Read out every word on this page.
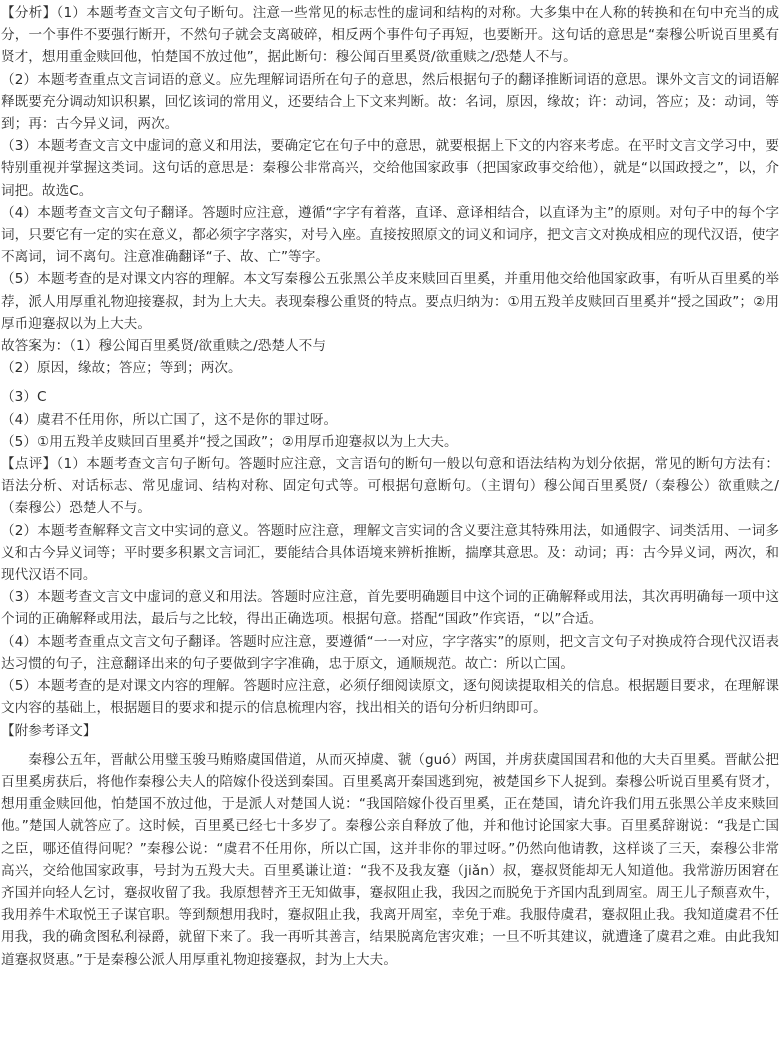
【分析】（1）本题考查文言文句子断句。注意一些常见的标志性的虚词和结构的对称。大多集中在人称的转换和在句中充当的成分，一个事件不要强行断开，不然句子就会支离破碎，相反两个事件句子再短，也要断开。这句话的意思是“秦穆公听说百里奚有贤才，想用重金赎回他，怕楚国不放过他”，据此断句：穆公闻百里奚贤/欲重赎之/恐楚人不与。

（2）本题考查重点文言词语的意义。应先理解词语所在句子的意思，然后根据句子的翻译推断词语的意思。课外文言文的词语解释既要充分调动知识积累，回忆该词的常用义，还要结合上下文来判断。故：名词，原因，缘故；许：动词，答应；及：动词，等到；再：古今异义词，两次。

（3）本题考查文言文中虚词的意义和用法，要确定它在句子中的意思，就要根据上下文的内容来考虑。在平时文言文学习中，要特别重视并掌握这类词。这句话的意思是：秦穆公非常高兴，交给他国家政事（把国家政事交给他），就是“以国政授之”，以，介词把。故选C。

（4）本题考查文言文句子翻译。答题时应注意，遵循“字字有着落，直译、意译相结合，以直译为主”的原则。对句子中的每个字词，只要它有一定的实在意义，都必须字字落实，对号入座。直接按照原文的词义和词序，把文言文对换成相应的现代汉语，使字不离词，词不离句。注意准确翻译“子、故、亡”等字。

（5）本题考查的是对课文内容的理解。本文写秦穆公五张黑公羊皮来赎回百里奚，并重用他交给他国家政事，有听从百里奚的举荐，派人用厚重礼物迎接蹇叔，封为上大夫。表现秦穆公重贤的特点。要点归纳为：①用五羖羊皮赎回百里奚并“授之国政”；②用厚币迎蹇叔以为上大夫。

故答案为：（1）穆公闻百里奚贤/欲重赎之/恐楚人不与

（2）原因，缘故；答应；等到；两次。

（3）C

（4）虞君不任用你，所以亡国了，这不是你的罪过呀。

（5）①用五羖羊皮赎回百里奚并“授之国政”；②用厚币迎蹇叔以为上大夫。

【点评】（1）本题考查文言句子断句。答题时应注意，文言语句的断句一般以句意和语法结构为划分依据，常见的断句方法有：语法分析、对话标志、常见虚词、结构对称、固定句式等。可根据句意断句。（主谓句）穆公闻百里奚贤/（秦穆公）欲重赎之/（秦穆公）恐楚人不与。

（2）本题考查解释文言文中实词的意义。答题时应注意，理解文言实词的含义要注意其特殊用法，如通假字、词类活用、一词多义和古今异义词等；平时要多积累文言词汇，要能结合具体语境来辨析推断，揣摩其意思。及：动词；再：古今异义词，两次，和现代汉语不同。

（3）本题考查文言文中虚词的意义和用法。答题时应注意，首先要明确题目中这个词的正确解释或用法，其次再明确每一项中这个词的正确解释或用法，最后与之比较，得出正确选项。根据句意。搭配“国政”作宾语，“以”合适。

（4）本题考查重点文言文句子翻译。答题时应注意，要遵循“一一对应，字字落实”的原则，把文言文句子对换成符合现代汉语表达习惯的句子，注意翻译出来的句子要做到字字准确，忠于原文，通顺规范。故亡：所以亡国。

（5）本题考查的是对课文内容的理解。答题时应注意，必须仔细阅读原文，逐句阅读提取相关的信息。根据题目要求，在理解课文内容的基础上，根据题目的要求和提示的信息梳理内容，找出相关的语句分析归纳即可。

【附参考译文】

秦穆公五年，晋献公用璧玉骏马贿赂虞国借道，从而灭掉虞、虢（guó）两国，并虏获虞国国君和他的大夫百里奚。晋献公把百里奚虏获后，将他作秦穆公夫人的陪嫁仆役送到秦国。百里奚离开秦国逃到宛，被楚国乡下人捉到。秦穆公听说百里奚有贤才，想用重金赎回他，怕楚国不放过他，于是派人对楚国人说：“我国陪嫁仆役百里奚，正在楚国，请允许我们用五张黑公羊皮来赎回他。”楚国人就答应了。这时候，百里奚已经七十多岁了。秦穆公亲自释放了他，并和他讨论国家大事。百里奚辞谢说：“我是亡国之臣，哪还值得问呢？”秦穆公说：“虞君不任用你，所以亡国，这并非你的罪过呀。”仍然向他请教，这样谈了三天，秦穆公非常高兴，交给他国家政事，号封为五羖大夫。百里奚谦让道：“我不及我友蹇（jiǎn）叔，蹇叔贤能却无人知道他。我常游历困窘在齐国并向轻人乞讨，蹇叔收留了我。我原想替齐王无知做事，蹇叔阻止我，我因之而脱免于齐国内乱到周室。周王儿子颓喜欢牛，我用养牛术取悦王子谋官职。等到颓想用我时，蹇叔阻止我，我离开周室，幸免于难。我服侍虞君，蹇叔阻止我。我知道虞君不任用我，我的确贪图私利禄爵，就留下来了。我一再听其善言，结果脱离危害灾难；一旦不听其建议，就遭逢了虞君之难。由此我知道蹇叔贤惠。”于是秦穆公派人用厚重礼物迎接蹇叔，封为上大夫。
